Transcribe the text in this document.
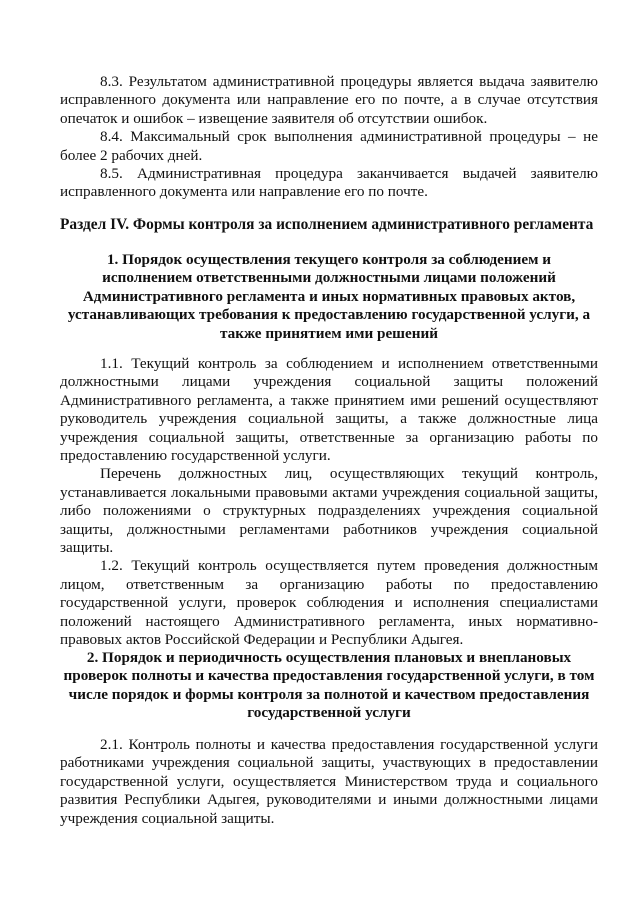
8.3. Результатом административной процедуры является выдача заявителю исправленного документа или направление его по почте, а в случае отсутствия опечаток и ошибок – извещение заявителя об отсутствии ошибок.

8.4. Максимальный срок выполнения административной процедуры – не более 2 рабочих дней.

8.5. Административная процедура заканчивается выдачей заявителю исправленного документа или направление его по почте.

Раздел IV. Формы контроля за исполнением административного регламента
1. Порядок осуществления текущего контроля за соблюдением и исполнением ответственными должностными лицами положений Административного регламента и иных нормативных правовых актов, устанавливающих требования к предоставлению государственной услуги, а также принятием ими решений

1.1. Текущий контроль за соблюдением и исполнением ответственными должностными лицами учреждения социальной защиты положений Административного регламента, а также принятием ими решений осуществляют руководитель учреждения социальной защиты, а также должностные лица учреждения социальной защиты, ответственные за организацию работы по предоставлению государственной услуги.

Перечень должностных лиц, осуществляющих текущий контроль, устанавливается локальными правовыми актами учреждения социальной защиты, либо положениями о структурных подразделениях учреждения социальной защиты, должностными регламентами работников учреждения социальной защиты.

1.2. Текущий контроль осуществляется путем проведения должностным лицом, ответственным за организацию работы по предоставлению государственной услуги, проверок соблюдения и исполнения специалистами положений настоящего Административного регламента, иных нормативно-правовых актов Российской Федерации и Республики Адыгея.

2. Порядок и периодичность осуществления плановых и внеплановых проверок полноты и качества предоставления государственной услуги, в том числе порядок и формы контроля за полнотой и качеством предоставления государственной услуги

2.1. Контроль полноты и качества предоставления государственной услуги работниками учреждения социальной защиты, участвующих в предоставлении государственной услуги, осуществляется Министерством труда и социального развития Республики Адыгея, руководителями и иными должностными лицами учреждения социальной защиты.
